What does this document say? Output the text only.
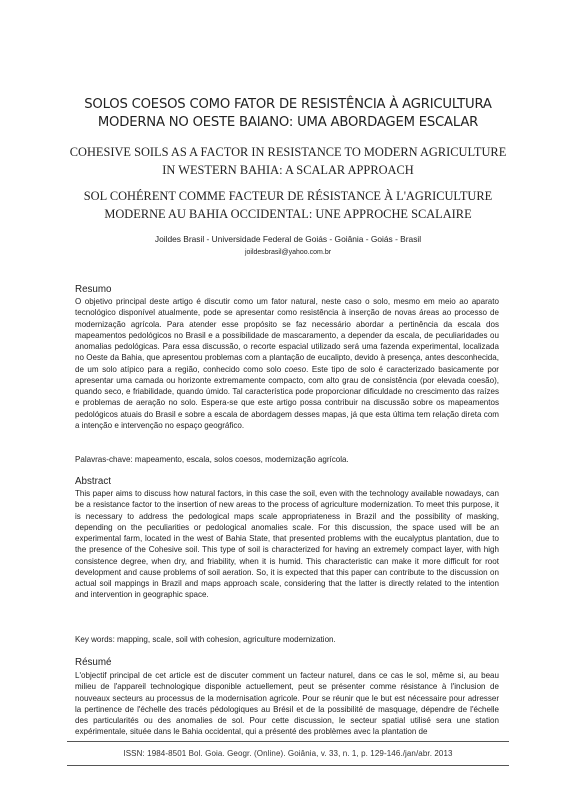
SOLOS COESOS COMO FATOR DE RESISTÊNCIA À AGRICULTURA
MODERNA NO OESTE BAIANO: UMA ABORDAGEM ESCALAR
COHESIVE SOILS AS A FACTOR IN RESISTANCE TO MODERN AGRICULTURE
IN WESTERN BAHIA: A SCALAR APPROACH
SOL COHÉRENT COMME FACTEUR DE RÉSISTANCE À L'AGRICULTURE
MODERNE AU BAHIA OCCIDENTAL: UNE APPROCHE SCALAIRE
Joildes Brasil - Universidade Federal de Goiás - Goiânia - Goiás - Brasil
joildesbrasil@yahoo.com.br
Resumo
O objetivo principal deste artigo é discutir como um fator natural, neste caso o solo, mesmo em meio ao aparato tecnológico disponível atualmente, pode se apresentar como resistência à inserção de novas áreas ao processo de modernização agrícola. Para atender esse propósito se faz necessário abordar a pertinência da escala dos mapeamentos pedológicos no Brasil e a possibilidade de mascaramento, a depender da escala, de peculiaridades ou anomalias pedológicas. Para essa discussão, o recorte espacial utilizado será uma fazenda experimental, localizada no Oeste da Bahia, que apresentou problemas com a plantação de eucalipto, devido à presença, antes desconhecida, de um solo atípico para a região, conhecido como solo coeso. Este tipo de solo é caracterizado basicamente por apresentar uma camada ou horizonte extremamente compacto, com alto grau de consistência (por elevada coesão), quando seco, e friabilidade, quando úmido. Tal característica pode proporcionar dificuldade no crescimento das raízes e problemas de aeração no solo. Espera-se que este artigo possa contribuir na discussão sobre os mapeamentos pedológicos atuais do Brasil e sobre a escala de abordagem desses mapas, já que esta última tem relação direta com a intenção e intervenção no espaço geográfico.
Palavras-chave: mapeamento, escala, solos coesos, modernização agrícola.
Abstract
This paper aims to discuss how natural factors, in this case the soil, even with the technology available nowadays, can be a resistance factor to the insertion of new areas to the process of agriculture modernization. To meet this purpose, it is necessary to address the pedological maps scale appropriateness in Brazil and the possibility of masking, depending on the peculiarities or pedological anomalies scale. For this discussion, the space used will be an experimental farm, located in the west of Bahia State, that presented problems with the eucalyptus plantation, due to the presence of the Cohesive soil. This type of soil is characterized for having an extremely compact layer, with high consistence degree, when dry, and friability, when it is humid. This characteristic can make it more difficult for root development and cause problems of soil aeration. So, it is expected that this paper can contribute to the discussion on actual soil mappings in Brazil and maps approach scale, considering that the latter is directly related to the intention and intervention in geographic space.
Key words: mapping, scale, soil with cohesion, agriculture modernization.
Résumé
L'objectif principal de cet article est de discuter comment un facteur naturel, dans ce cas le sol, même si, au beau milieu de l'appareil technologique disponible actuellement, peut se présenter comme résistance à l'inclusion de nouveaux secteurs au processus de la modernisation agricole. Pour se réunir que le but est nécessaire pour adresser la pertinence de l'échelle des tracés pédologiques au Brésil et de la possibilité de masquage, dépendre de l'échelle des particularités ou des anomalies de sol. Pour cette discussion, le secteur spatial utilisé sera une station expérimentale, située dans le Bahia occidental, qui a présenté des problèmes avec la plantation de
ISSN: 1984-8501 Bol. Goia. Geogr. (Online). Goiânia, v. 33, n. 1, p. 129-146./jan/abr. 2013
